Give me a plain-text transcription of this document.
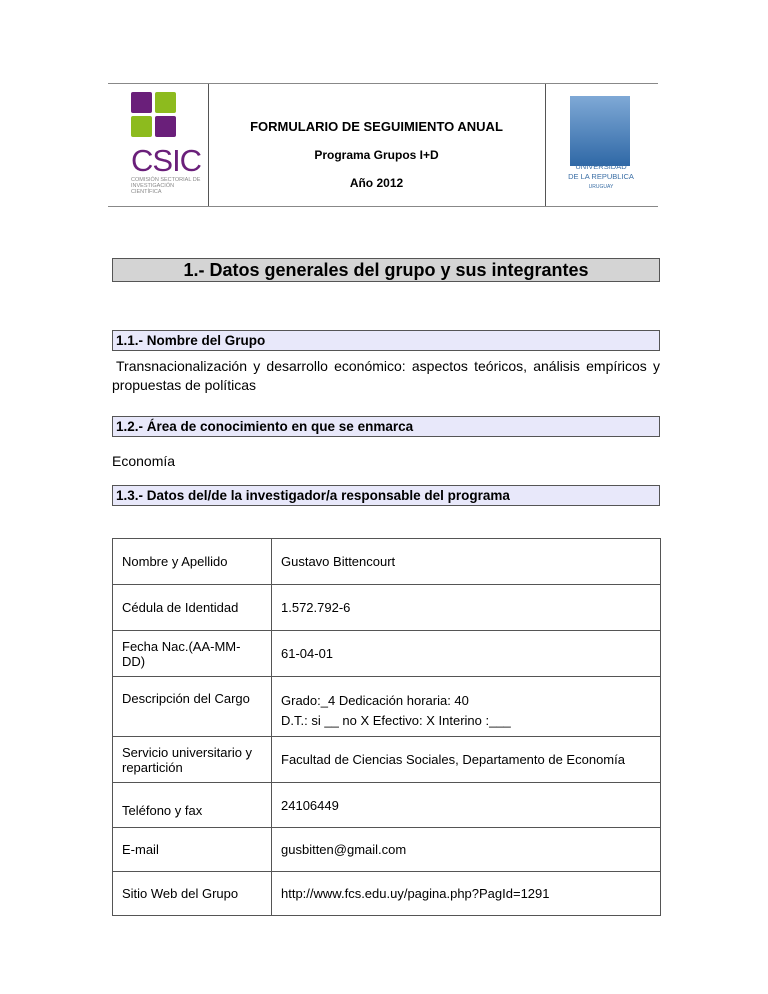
CSIC
COMISIÓN SECTORIAL DE INVESTIGACIÓN CIENTÍFICA
FORMULARIO DE SEGUIMIENTO ANUAL
Programa Grupos I+D
Año 2012
UNIVERSIDAD
DE LA REPUBLICA
URUGUAY
1.- Datos generales del grupo y sus integrantes
1.1.- Nombre del Grupo
Transnacionalización y desarrollo económico: aspectos teóricos, análisis empíricos y propuestas de políticas
1.2.- Área de conocimiento en que se enmarca
Economía
1.3.- Datos del/de la investigador/a responsable del programa
Nombre y Apellido	Gustavo Bittencourt
Cédula de Identidad	1.572.792-6
Fecha Nac.(AA-MM-DD)	61-04-01
Descripción del Cargo	Grado:_4 Dedicación horaria: 40
D.T.: si __ no X Efectivo: X Interino :___

Servicio universitario y repartición	Facultad de Ciencias Sociales, Departamento de Economía
Teléfono y fax	24106449
E-mail	gusbitten@gmail.com
Sitio Web del Grupo	http://www.fcs.edu.uy/pagina.php?PagId=1291
